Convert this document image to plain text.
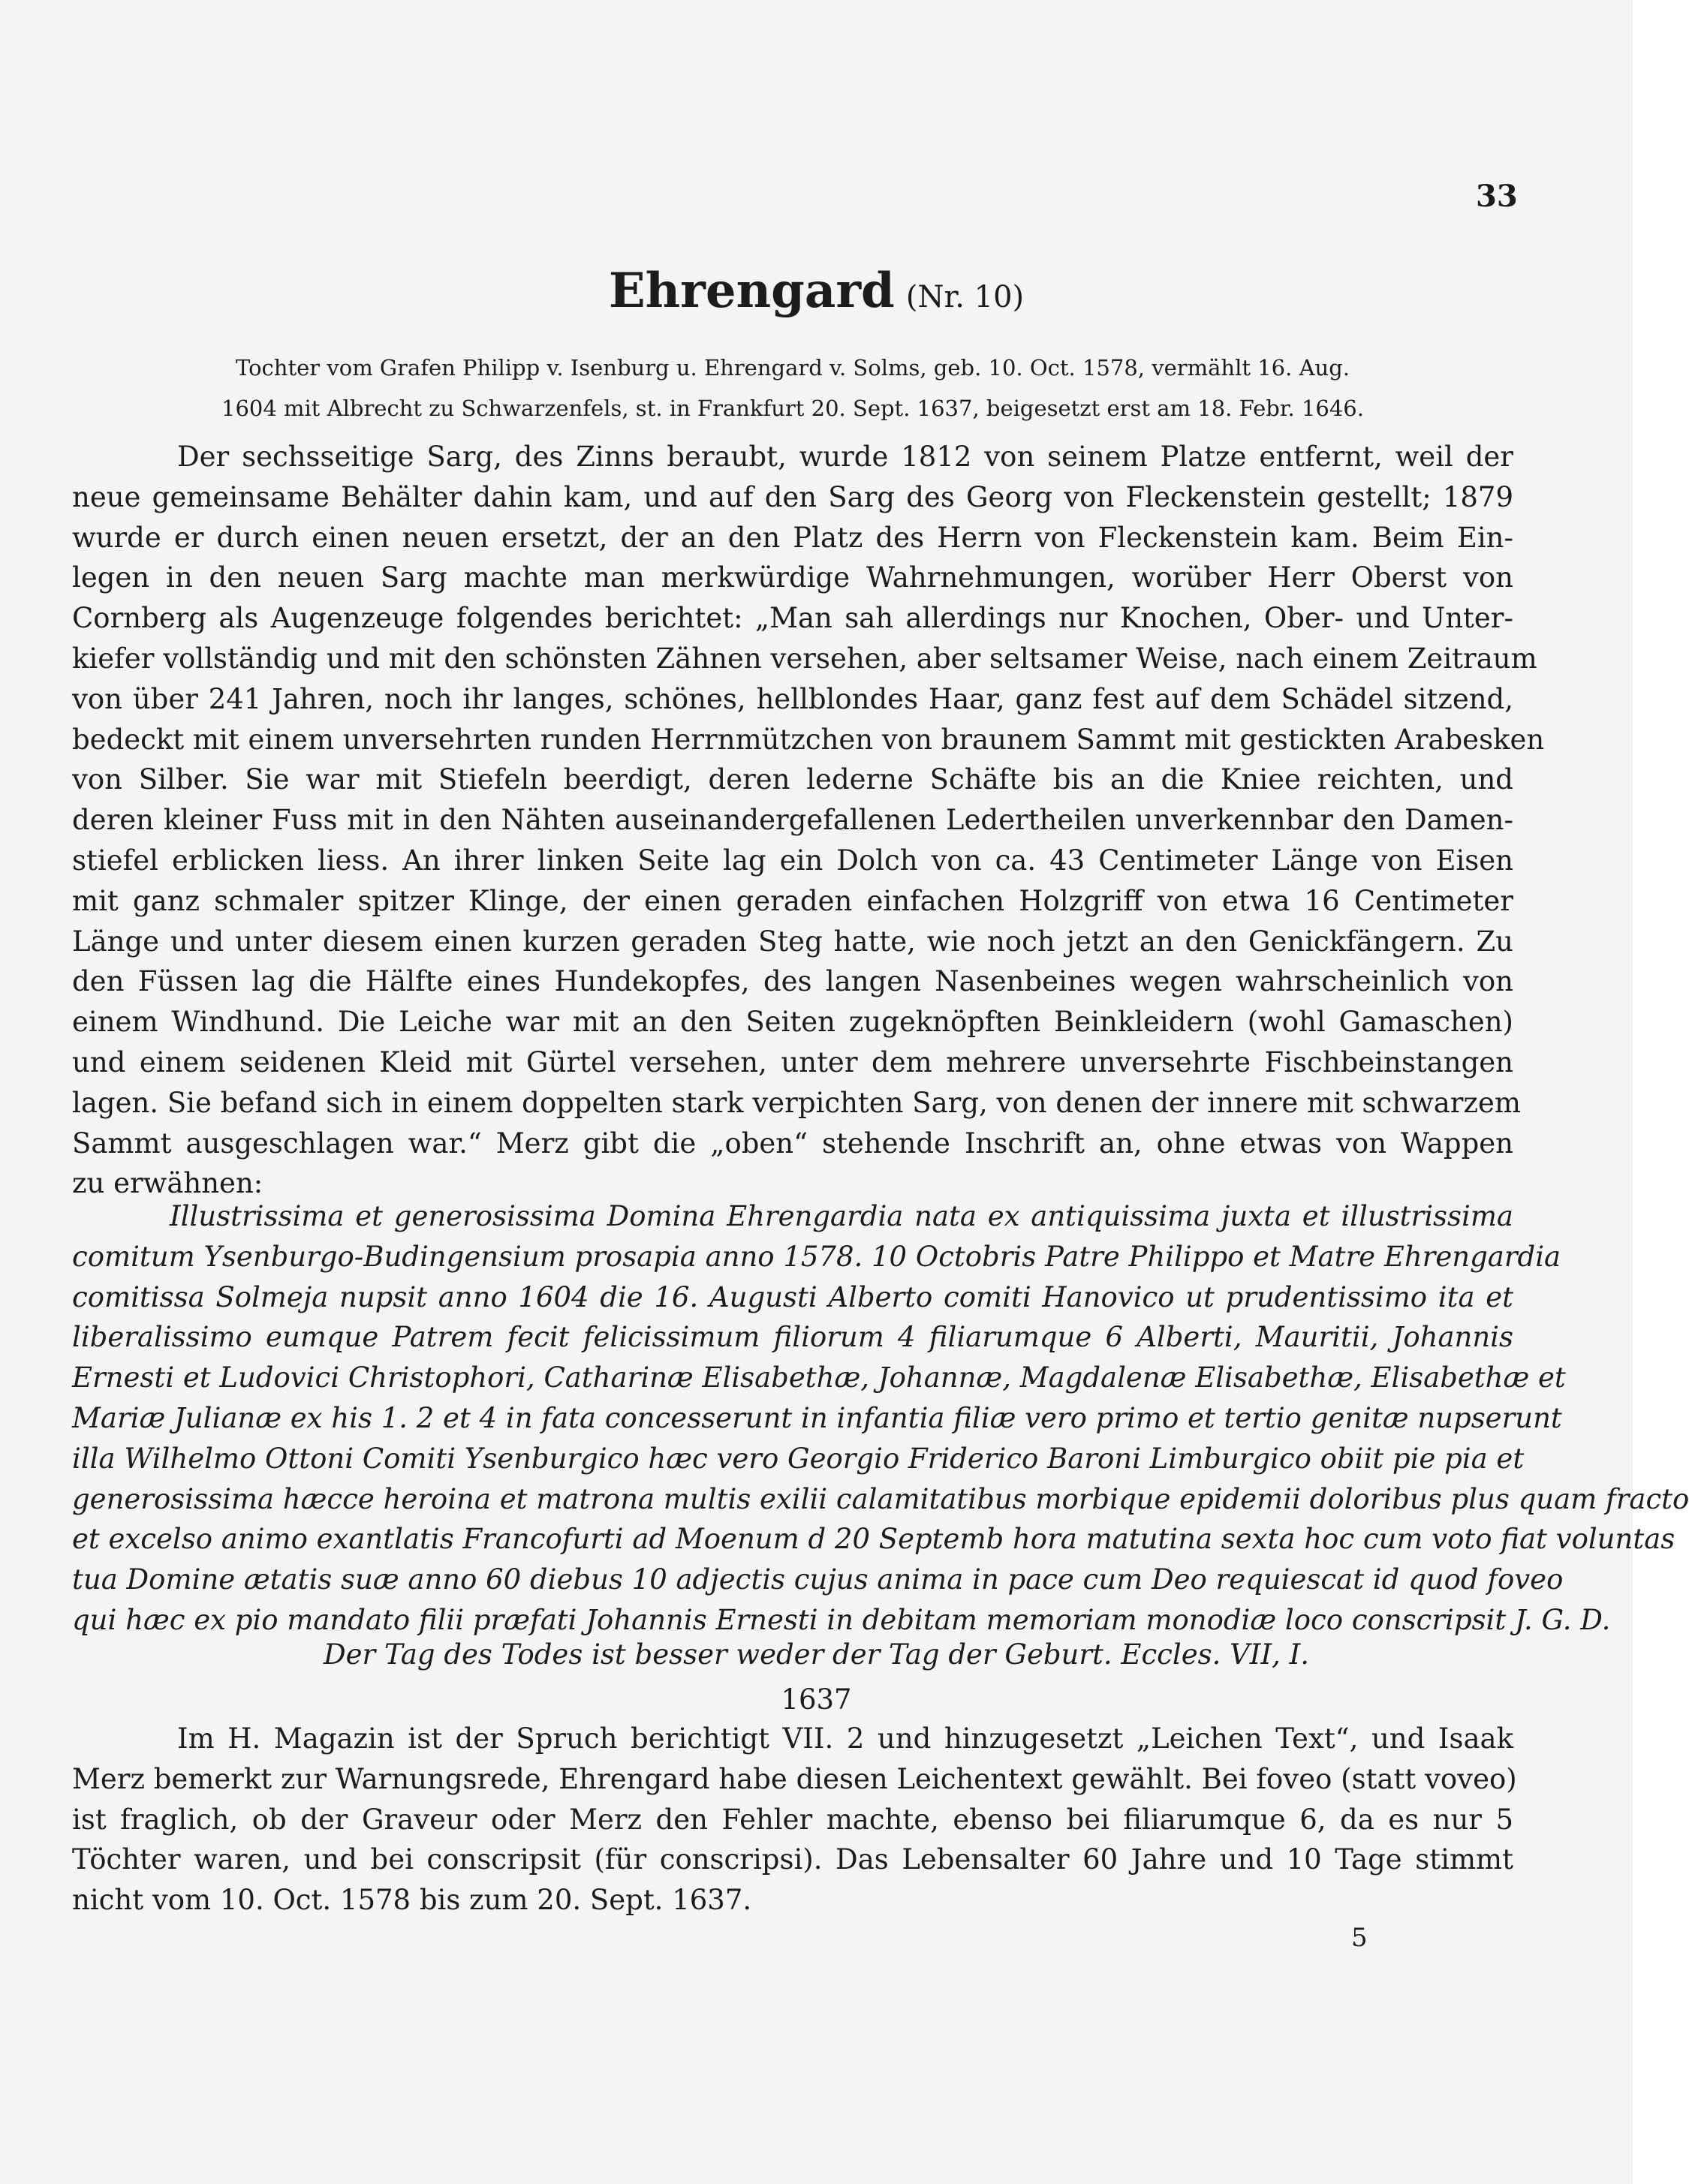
33
Ehrengard (Nr. 10)
Tochter vom Grafen Philipp v. Isenburg u. Ehrengard v. Solms, geb. 10. Oct. 1578, vermählt 16. Aug.
1604 mit Albrecht zu Schwarzenfels, st. in Frankfurt 20. Sept. 1637, beigesetzt erst am 18. Febr. 1646.
Der sechsseitige Sarg, des Zinns beraubt, wurde 1812 von seinem Platze entfernt, weil der
neue gemeinsame Behälter dahin kam, und auf den Sarg des Georg von Fleckenstein gestellt; 1879
wurde er durch einen neuen ersetzt, der an den Platz des Herrn von Fleckenstein kam. Beim Ein-
legen in den neuen Sarg machte man merkwürdige Wahrnehmungen, worüber Herr Oberst von
Cornberg als Augenzeuge folgendes berichtet: „Man sah allerdings nur Knochen, Ober- und Unter-
kiefer vollständig und mit den schönsten Zähnen versehen, aber seltsamer Weise, nach einem Zeitraum
von über 241 Jahren, noch ihr langes, schönes, hellblondes Haar, ganz fest auf dem Schädel sitzend,
bedeckt mit einem unversehrten runden Herrnmützchen von braunem Sammt mit gestickten Arabesken
von Silber. Sie war mit Stiefeln beerdigt, deren lederne Schäfte bis an die Kniee reichten, und
deren kleiner Fuss mit in den Nähten auseinandergefallenen Ledertheilen unverkennbar den Damen-
stiefel erblicken liess. An ihrer linken Seite lag ein Dolch von ca. 43 Centimeter Länge von Eisen
mit ganz schmaler spitzer Klinge, der einen geraden einfachen Holzgriff von etwa 16 Centimeter
Länge und unter diesem einen kurzen geraden Steg hatte, wie noch jetzt an den Genickfängern. Zu
den Füssen lag die Hälfte eines Hundekopfes, des langen Nasenbeines wegen wahrscheinlich von
einem Windhund. Die Leiche war mit an den Seiten zugeknöpften Beinkleidern (wohl Gamaschen)
und einem seidenen Kleid mit Gürtel versehen, unter dem mehrere unversehrte Fischbeinstangen
lagen. Sie befand sich in einem doppelten stark verpichten Sarg, von denen der innere mit schwarzem
Sammt ausgeschlagen war.“ Merz gibt die „oben“ stehende Inschrift an, ohne etwas von Wappen
zu erwähnen:
Illustrissima et generosissima Domina Ehrengardia nata ex antiquissima juxta et illustrissima
comitum Ysenburgo-Budingensium prosapia anno 1578. 10 Octobris Patre Philippo et Matre Ehrengardia
comitissa Solmeja nupsit anno 1604 die 16. Augusti Alberto comiti Hanovico ut prudentissimo ita et
liberalissimo eumque Patrem fecit felicissimum filiorum 4 filiarumque 6 Alberti, Mauritii, Johannis
Ernesti et Ludovici Christophori, Catharinæ Elisabethæ, Johannæ, Magdalenæ Elisabethæ, Elisabethæ et
Mariæ Julianæ ex his 1. 2 et 4 in fata concesserunt in infantia filiæ vero primo et tertio genitæ nupserunt
illa Wilhelmo Ottoni Comiti Ysenburgico hæc vero Georgio Friderico Baroni Limburgico obiit pie pia et
generosissima hæcce heroina et matrona multis exilii calamitatibus morbique epidemii doloribus plus quam fracto
et excelso animo exantlatis Francofurti ad Moenum d 20 Septemb hora matutina sexta hoc cum voto fiat voluntas
tua Domine ætatis suæ anno 60 diebus 10 adjectis cujus anima in pace cum Deo requiescat id quod foveo
qui hæc ex pio mandato filii præfati Johannis Ernesti in debitam memoriam monodiæ loco conscripsit J. G. D.
Der Tag des Todes ist besser weder der Tag der Geburt. Eccles. VII, I.
1637
Im H. Magazin ist der Spruch berichtigt VII. 2 und hinzugesetzt „Leichen Text“, und Isaak
Merz bemerkt zur Warnungsrede, Ehrengard habe diesen Leichentext gewählt. Bei foveo (statt voveo)
ist fraglich, ob der Graveur oder Merz den Fehler machte, ebenso bei filiarumque 6, da es nur 5
Töchter waren, und bei conscripsit (für conscripsi). Das Lebensalter 60 Jahre und 10 Tage stimmt
nicht vom 10. Oct. 1578 bis zum 20. Sept. 1637.
5
